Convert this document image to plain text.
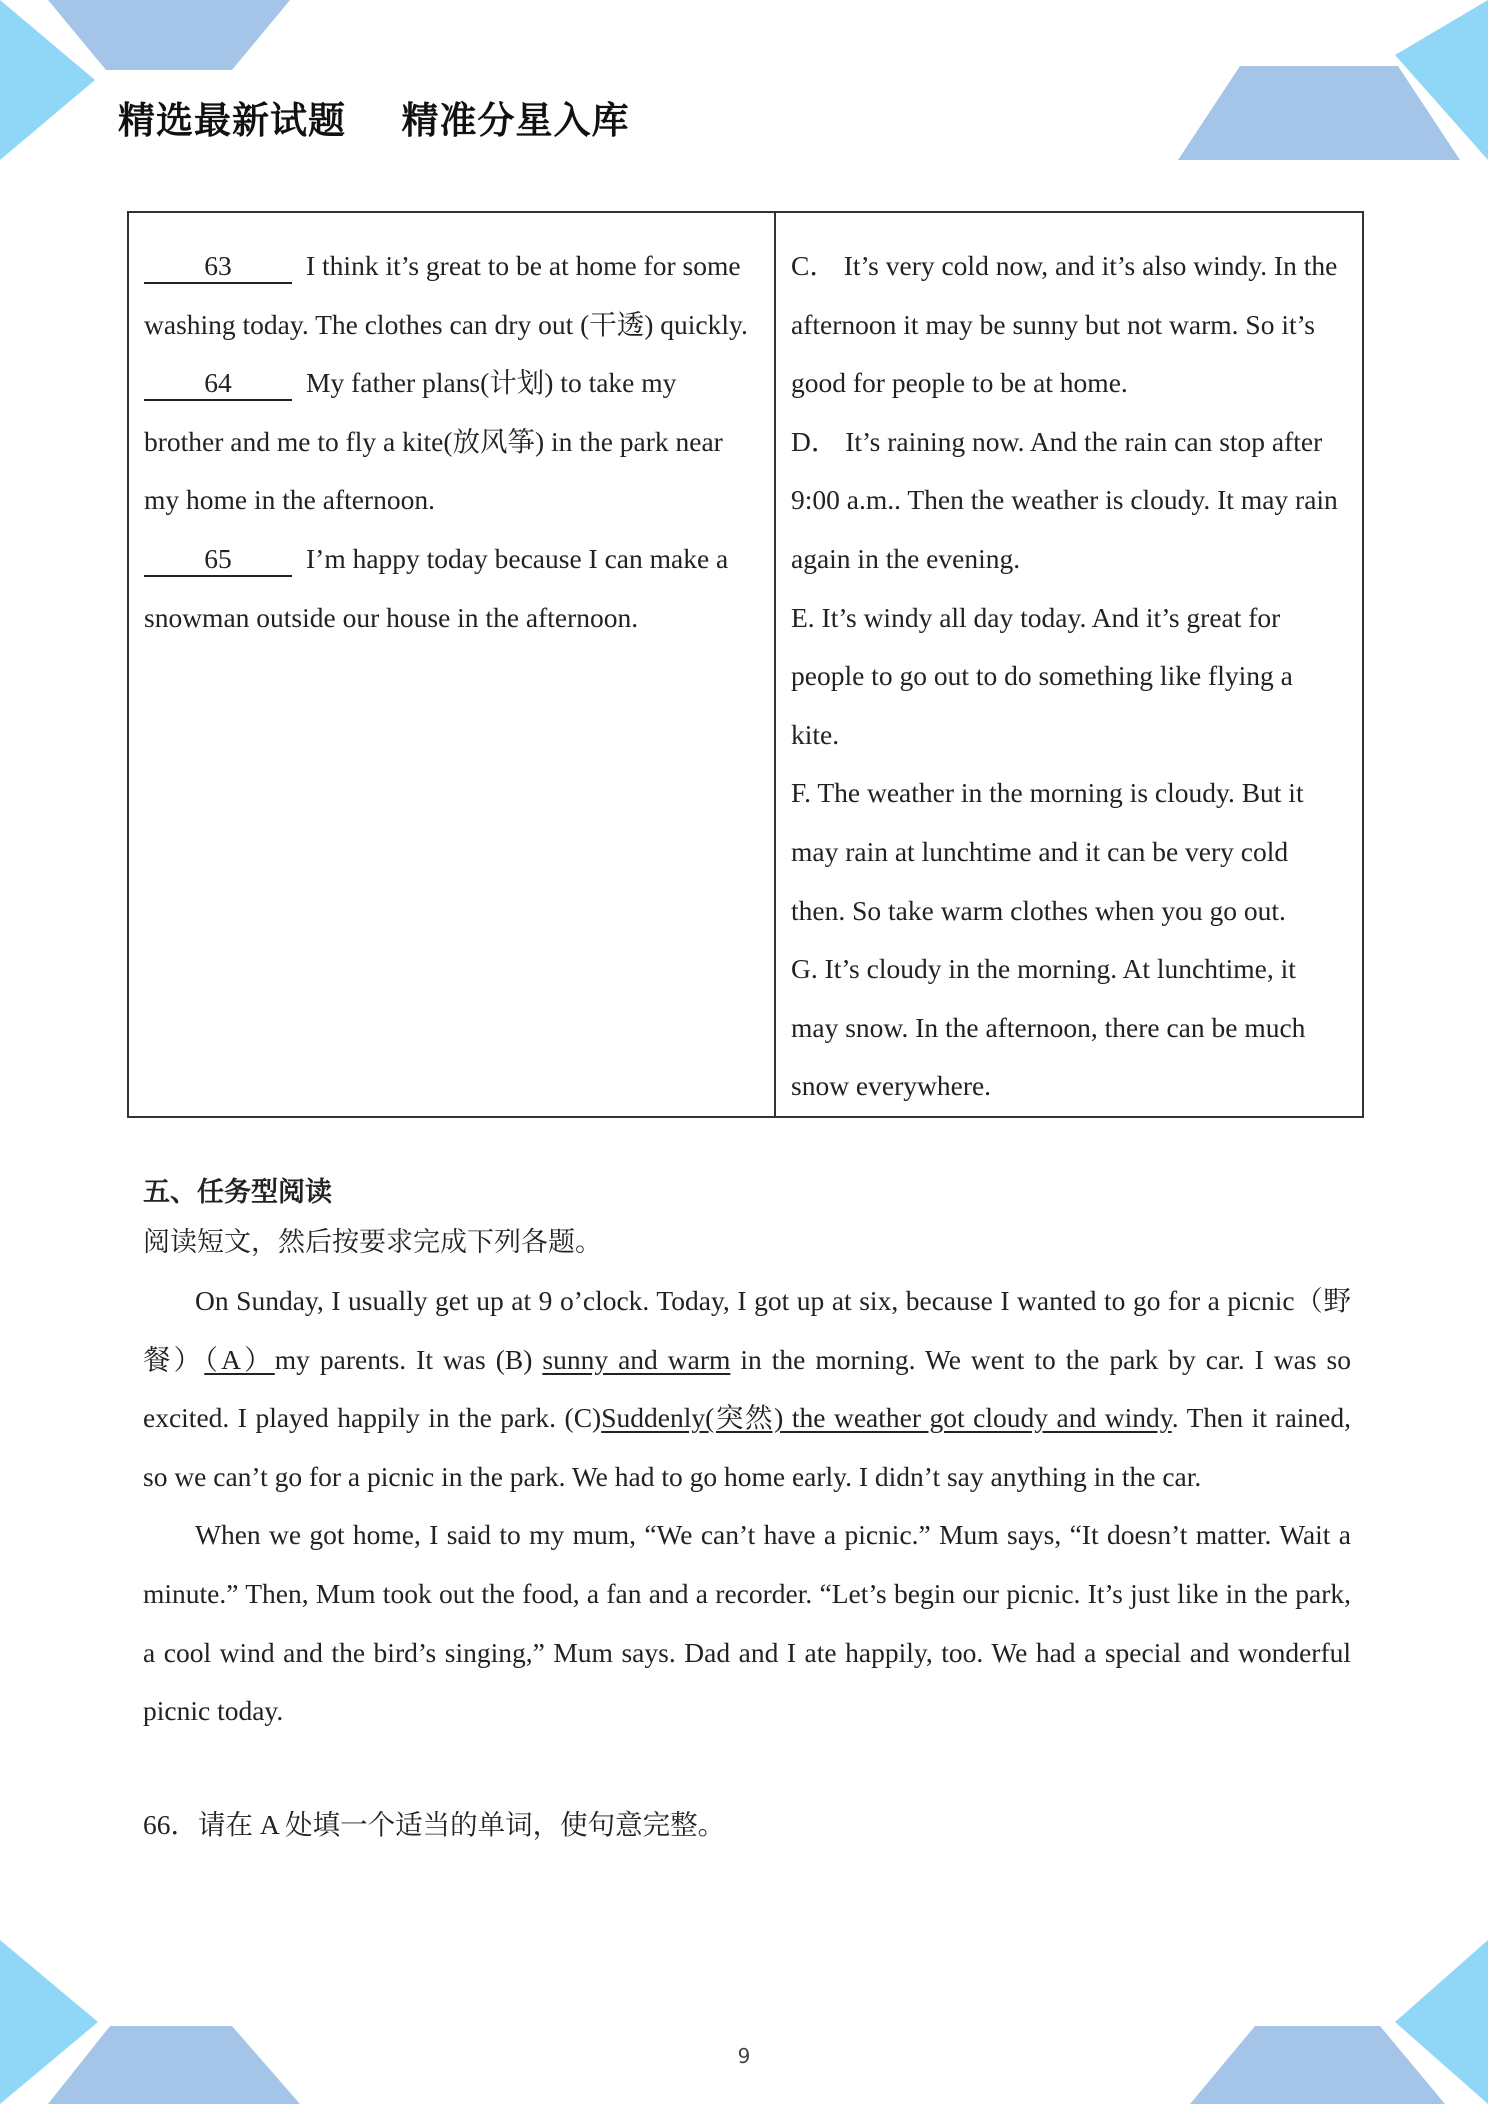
精选最新试题    精准分星入库
63	I think it’s great to be at home for some washing today. The clothes can dry out (干透) quickly.
64	My father plans(计划) to take my brother and me to fly a kite(放风筝) in the park near my home in the afternoon.
65	I’m happy today because I can make a snowman outside our house in the afternoon.

C． It’s very cold now, and it’s also windy. In the afternoon it may be sunny but not warm. So it’s good for people to be at home.
D． It’s raining now. And the rain can stop after 9:00 a.m.. Then the weather is cloudy. It may rain again in the evening.
E. It’s windy all day today. And it’s great for people to go out to do something like flying a kite.
F. The weather in the morning is cloudy. But it may rain at lunchtime and it can be very cold then. So take warm clothes when you go out.
G. It’s cloudy in the morning. At lunchtime, it may snow. In the afternoon, there can be much snow everywhere.
五、任务型阅读
阅读短文，然后按要求完成下列各题。

On Sunday, I usually get up at 9 o’clock. Today, I got up at six, because I wanted to go for a picnic（野餐）（A）my parents. It was (B) sunny and warm in the morning. We went to the park by car. I was so excited. I played happily in the park. (C)Suddenly(突然) the weather got cloudy and windy. Then it rained, so we can’t go for a picnic in the park. We had to go home early. I didn’t say anything in the car.

When we got home, I said to my mum, “We can’t have a picnic.” Mum says, “It doesn’t matter. Wait a minute.” Then, Mum took out the food, a fan and a recorder. “Let’s begin our picnic. It’s just like in the park, a cool wind and the bird’s singing,” Mum says. Dad and I ate happily, too. We had a special and wonderful picnic today.

66．请在 A 处填一个适当的单词，使句意完整。
9
